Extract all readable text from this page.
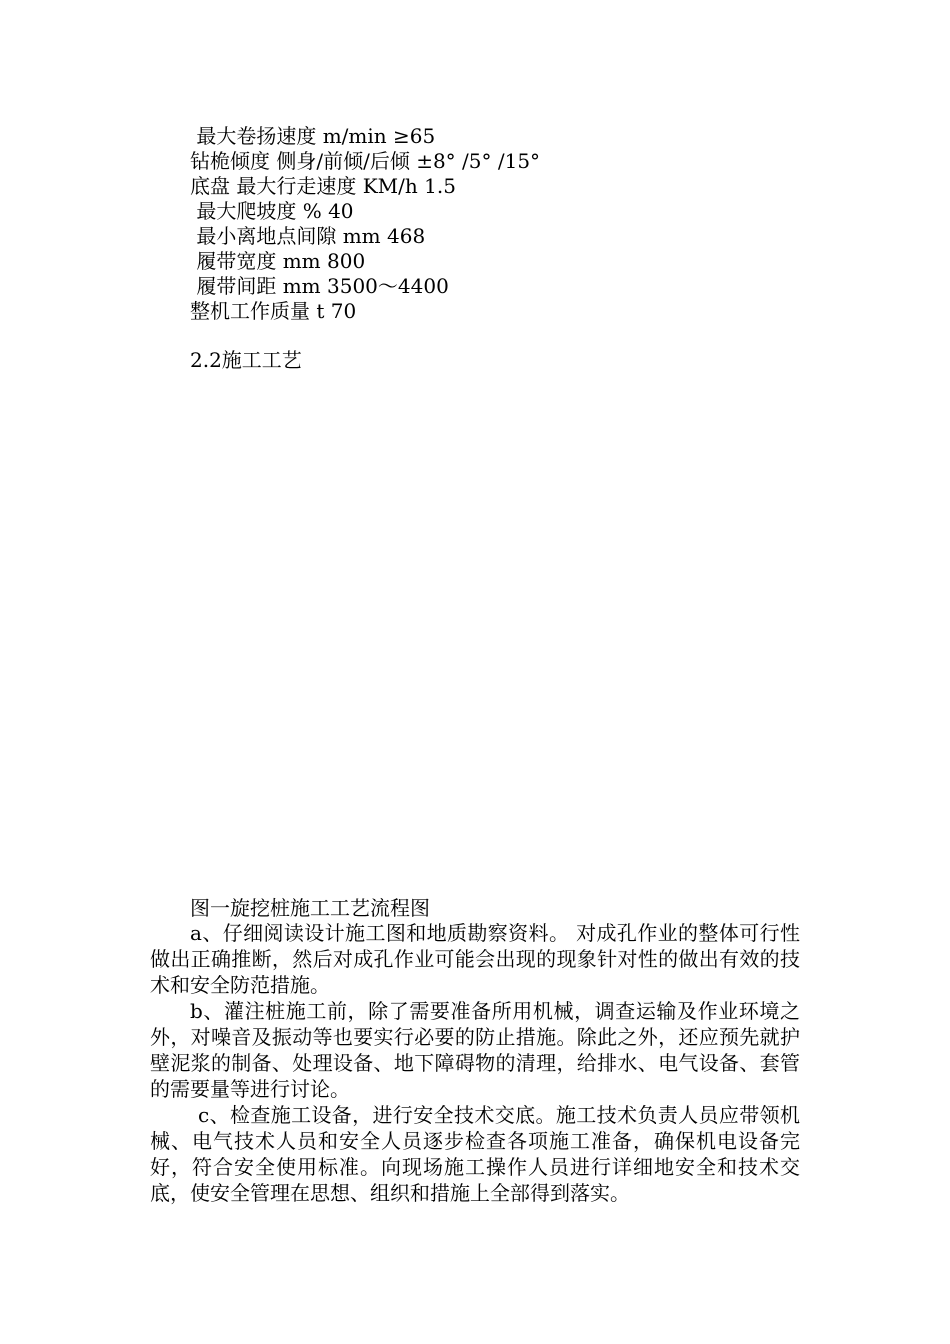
最大卷扬速度 m/min ≥65

钻桅倾度 侧身/前倾/后倾 ±8° /5° /15°

底盘 最大行走速度 KM/h 1.5

最大爬坡度 % 40

最小离地点间隙 mm 468

履带宽度 mm 800

履带间距 mm 3500～4400

整机工作质量 t 70

2.2施工工艺

图一旋挖桩施工工艺流程图

a、仔细阅读设计施工图和地质勘察资料。 对成孔作业的整体可行性做出正确推断，然后对成孔作业可能会出现的现象针对性的做出有效的技术和安全防范措施。

b、灌注桩施工前，除了需要准备所用机械，调查运输及作业环境之外，对噪音及振动等也要实行必要的防止措施。除此之外，还应预先就护壁泥浆的制备、处理设备、地下障碍物的清理，给排水、电气设备、套管的需要量等进行讨论。

c、检查施工设备，进行安全技术交底。施工技术负责人员应带领机械、电气技术人员和安全人员逐步检查各项施工准备，确保机电设备完好，符合安全使用标准。向现场施工操作人员进行详细地安全和技术交底，使安全管理在思想、组织和措施上全部得到落实。
